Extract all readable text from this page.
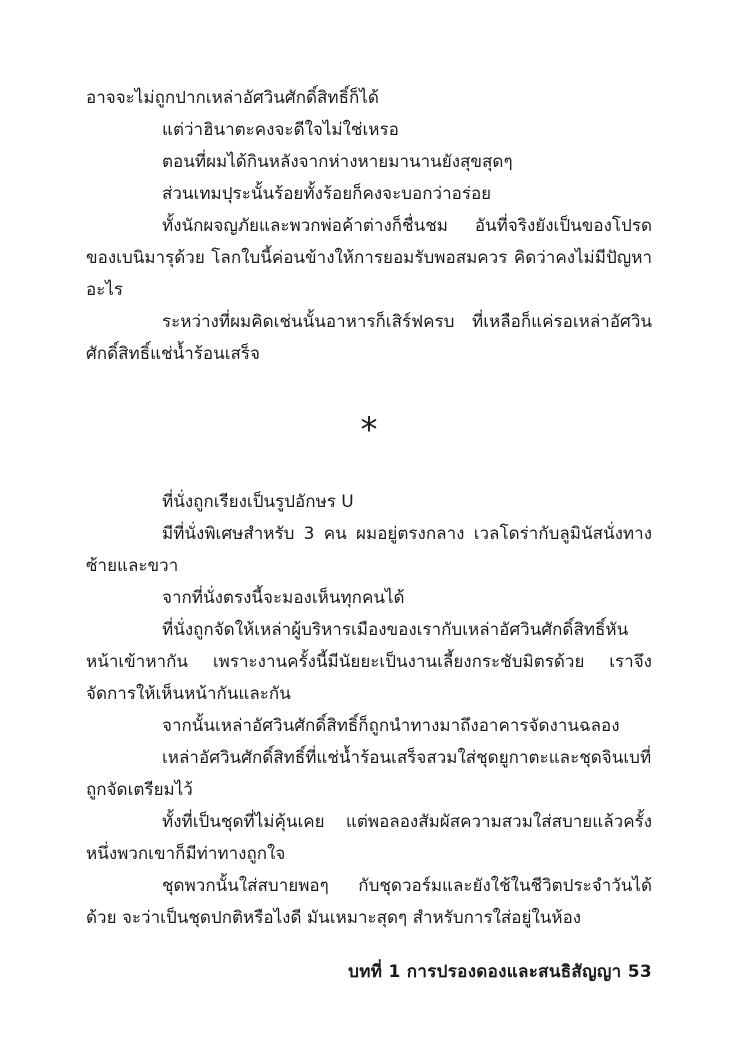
อาจจะไม่ถูกปากเหล่าอัศวินศักดิ์สิทธิ์ก็ได้

แต่ว่าฮินาตะคงจะดีใจไม่ใช่เหรอ

ตอนที่ผมได้กินหลังจากห่างหายมานานยังสุขสุดๆ

ส่วนเทมปุระนั้นร้อยทั้งร้อยก็คงจะบอกว่าอร่อย

ทั้งนักผจญภัยและพวกพ่อค้าต่างก็ชื่นชม อันที่จริงยังเป็นของโปรดของเบนิมารุด้วย โลกใบนี้ค่อนข้างให้การยอมรับพอสมควร คิดว่าคงไม่มีปัญหาอะไร

ระหว่างที่ผมคิดเช่นนั้นอาหารก็เสิร์ฟครบ ที่เหลือก็แค่รอเหล่าอัศวินศักดิ์สิทธิ์แช่น้ำร้อนเสร็จ

*

ที่นั่งถูกเรียงเป็นรูปอักษร U

มีที่นั่งพิเศษสำหรับ 3 คน ผมอยู่ตรงกลาง เวลโดร่ากับลูมินัสนั่งทางซ้ายและขวา

จากที่นั่งตรงนี้จะมองเห็นทุกคนได้

ที่นั่งถูกจัดให้เหล่าผู้บริหารเมืองของเรากับเหล่าอัศวินศักดิ์สิทธิ์หันหน้าเข้าหากัน เพราะงานครั้งนี้มีนัยยะเป็นงานเลี้ยงกระชับมิตรด้วย เราจึงจัดการให้เห็นหน้ากันและกัน

จากนั้นเหล่าอัศวินศักดิ์สิทธิ์ก็ถูกนำทางมาถึงอาคารจัดงานฉลอง

เหล่าอัศวินศักดิ์สิทธิ์ที่แช่น้ำร้อนเสร็จสวมใส่ชุดยูกาตะและชุดจินเบที่ถูกจัดเตรียมไว้

ทั้งที่เป็นชุดที่ไม่คุ้นเคย แต่พอลองสัมผัสความสวมใส่สบายแล้วครั้งหนึ่งพวกเขาก็มีท่าทางถูกใจ

ชุดพวกนั้นใส่สบายพอๆ กับชุดวอร์มและยังใช้ในชีวิตประจำวันได้ด้วย จะว่าเป็นชุดปกติหรือไงดี มันเหมาะสุดๆ สำหรับการใส่อยู่ในห้อง

บทที่ 1 การปรองดองและสนธิสัญญา 53
